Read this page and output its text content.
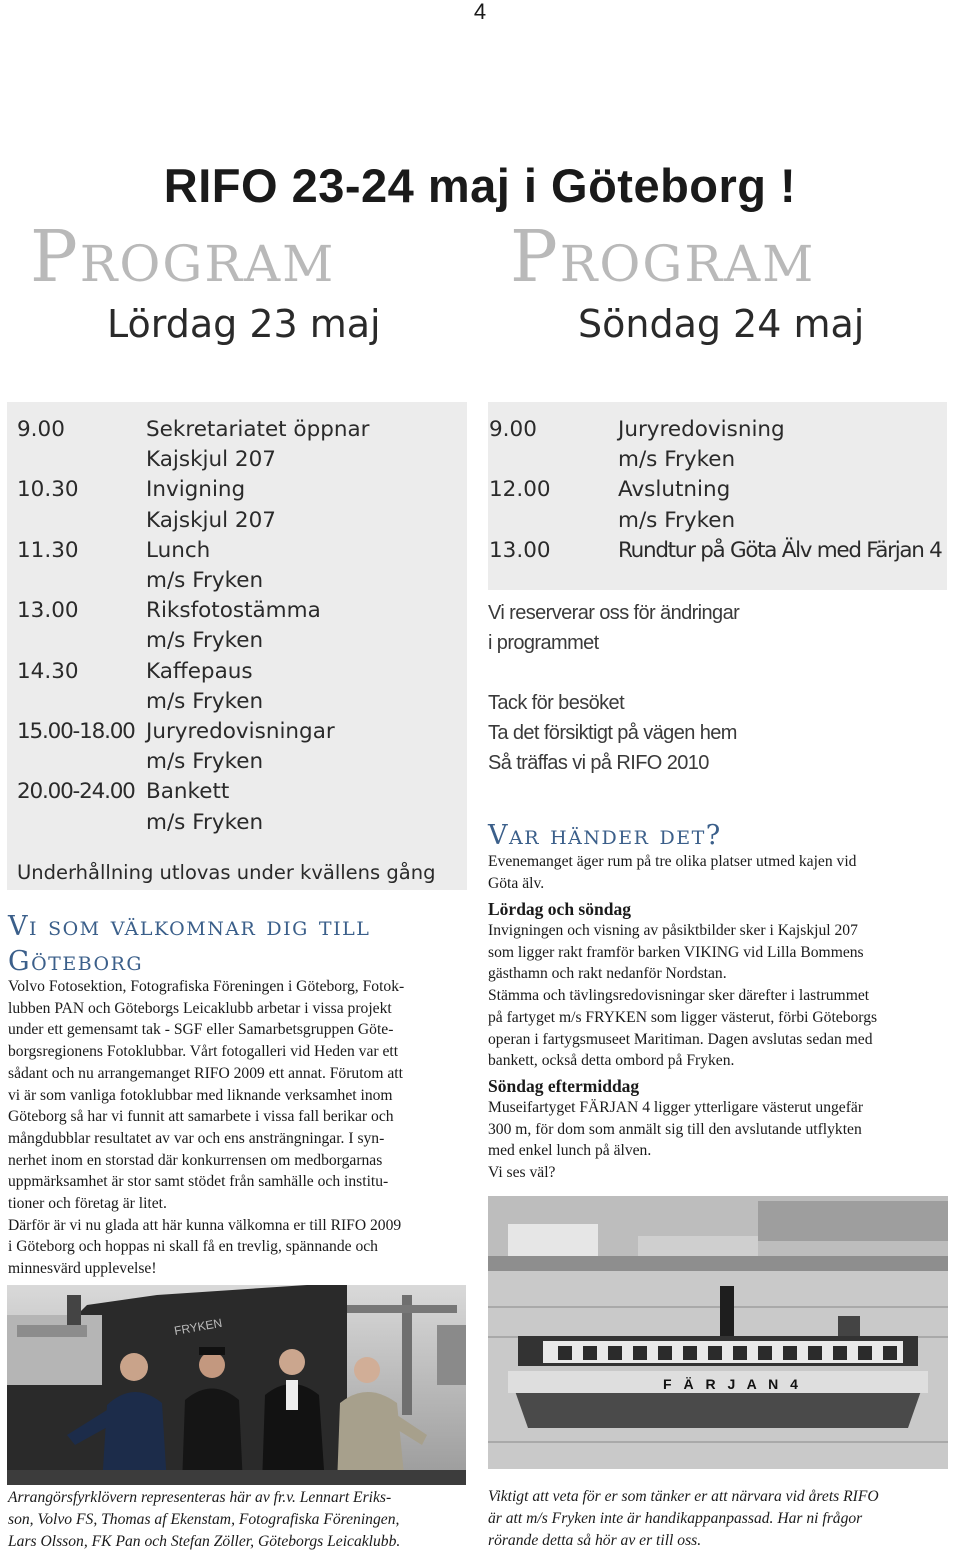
4
RIFO 23-24 maj i Göteborg !
Program
Lördag 23 maj
Program
Söndag 24 maj
9.00	Sekretariatet öppnar
Kajskjul 207
10.30	Invigning
Kajskjul 207
11.30	Lunch
m/s Fryken
13.00	Riksfotostämma
m/s Fryken
14.30	Kaffepaus
m/s Fryken
15.00-18.00 Juryredovisningar
m/s Fryken
20.00-24.00 Bankett
m/s Fryken
Underhållning utlovas under kvällens gång
9.00	Juryredovisning
m/s Fryken
12.00	Avslutning
m/s Fryken
13.00	Rundtur på Göta Älv med Färjan 4
Vi reserverar oss för ändringar
i programmet
Tack för besöket
Ta det försiktigt på vägen hem
Så träffas vi på RIFO 2010
Vi som välkomnar dig till
Göteborg
Volvo Fotosektion, Fotografiska Föreningen i Göteborg, Fotok-
lubben PAN och Göteborgs Leicaklubb arbetar i vissa projekt
under ett gemensamt tak - SGF eller Samarbetsgruppen Göte-
borgsregionens Fotoklubbar. Vårt fotogalleri vid Heden var ett
sådant och nu arrangemanget RIFO 2009 ett annat. Förutom att
vi är som vanliga fotoklubbar med liknande verksamhet inom
Göteborg så har vi funnit att samarbete i vissa fall berikar och
mångdubblar resultatet av var och ens ansträngningar. I syn-
nerhet inom en storstad där konkurrensen om medborgarnas
uppmärksamhet är stor samt stödet från samhälle och institu-
tioner och företag är litet.
Därför är vi nu glada att här kunna välkomna er till RIFO 2009
i Göteborg och hoppas ni skall få en trevlig, spännande och
minnesvärd upplevelse!
Var händer det?
Evenemanget äger rum på tre olika platser utmed kajen vid
Göta älv.
Lördag och söndag
Invigningen och visning av påsiktbilder sker i Kajskjul 207
som ligger rakt framför barken VIKING vid Lilla Bommens
gästhamn och rakt nedanför Nordstan.
Stämma och tävlingsredovisningar sker därefter i lastrummet
på fartyget m/s FRYKEN som ligger västerut, förbi Göteborgs
operan i fartygsmuseet Maritiman. Dagen avslutas sedan med
bankett, också detta ombord på Fryken.
Söndag eftermiddag
Museifartyget FÄRJAN 4 ligger ytterligare västerut ungefär
300 m, för dom som anmält sig till den avslutande utflykten
med enkel lunch på älven.
Vi ses väl?
FRYKEN
F Ä R J A N 4
Arrangörsfyrklövern representeras här av fr.v. Lennart Eriks-
son, Volvo FS, Thomas af Ekenstam, Fotografiska Föreningen,
Lars Olsson, FK Pan och Stefan Zöller, Göteborgs Leicaklubb.
Viktigt att veta för er som tänker er att närvara vid årets RIFO
är att m/s Fryken inte är handikappanpassad. Har ni frågor
rörande detta så hör av er till oss.
